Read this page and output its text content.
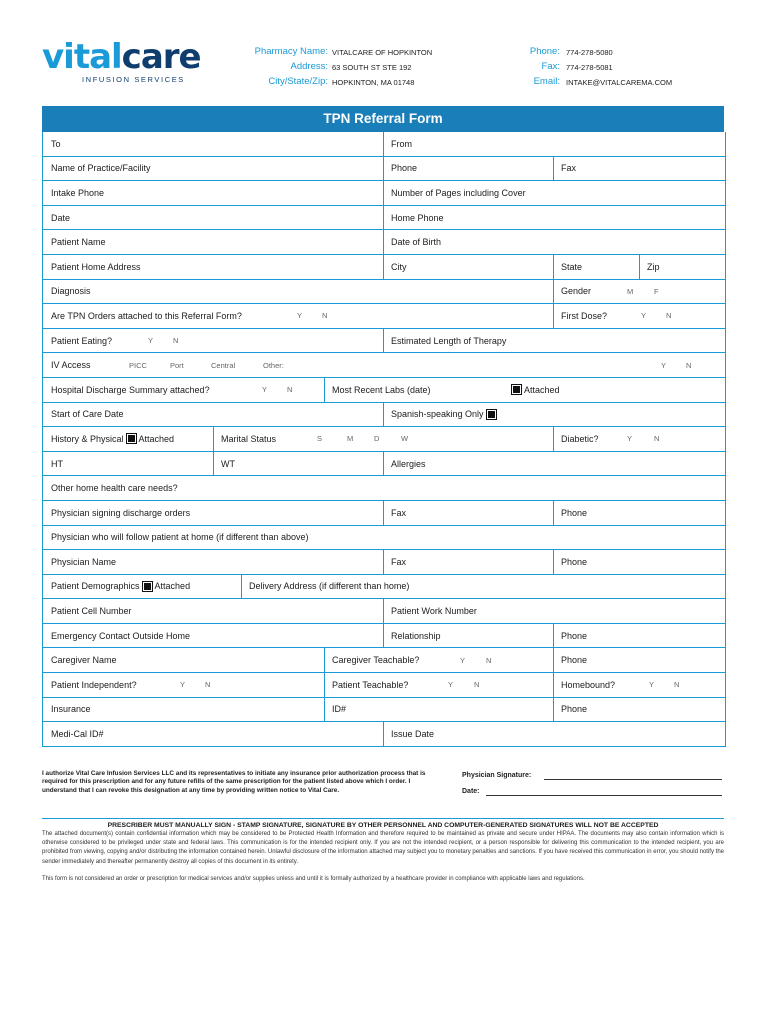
vitalcare
INFUSION SERVICES
Pharmacy Name:
Address:
City/State/Zip:
VITALCARE OF HOPKINTON
63 SOUTH ST STE 192
HOPKINTON, MA 01748
Phone:
Fax:
Email:
774-278-5080
774-278-5081
INTAKE@VITALCAREMA.COM
TPN Referral Form
To	From
Name of Practice/Facility	Phone	Fax
Intake Phone	Number of Pages including Cover
Date	Home Phone
Patient Name	Date of Birth
Patient Home Address	City	State	Zip
Diagnosis	Gender	M	F
Are TPN Orders attached to this Referral Form?	Y	N	First Dose?	Y	N
Patient Eating?	Y	N	Estimated Length of Therapy
IV Access	PICC	Port	Central	Other:	Y	N
Hospital Discharge Summary attached?	Y	N	Most Recent Labs (date)	Attached
Start of Care Date	Spanish-speaking Only
History & Physical Attached	Marital Status	S	M	D	W	Diabetic?	Y	N
HT	WT	Allergies
Other home health care needs?
Physician signing discharge orders	Fax	Phone
Physician who will follow patient at home (if different than above)
Physician Name	Fax	Phone
Patient Demographics Attached	Delivery Address (if different than home)
Patient Cell Number	Patient Work Number
Emergency Contact Outside Home	Relationship	Phone
Caregiver Name	Caregiver Teachable?	Y	N	Phone
Patient Independent?	Y	N	Patient Teachable?	Y	N	Homebound?	Y	N
Insurance	ID#	Phone
Medi-Cal ID#	Issue Date
I authorize Vital Care Infusion Services LLC and its representatives to initiate any insurance prior authorization process that is required for this prescription and for any future refills of the same prescription for the patient listed above which I order. I understand that I can revoke this designation at any time by providing written notice to Vital Care.
Physician Signature:
Date:
PRESCRIBER MUST MANUALLY SIGN - STAMP SIGNATURE, SIGNATURE BY OTHER PERSONNEL AND COMPUTER-GENERATED SIGNATURES WILL NOT BE ACCEPTED
The attached document(s) contain confidential information which may be considered to be Protected Health Information and therefore required to be maintained as private and secure under HIPAA. The documents may also contain information which is otherwise considered to be privileged under state and federal laws. This communication is for the intended recipient only. If you are not the intended recipient, or a person responsible for delivering this communication to the intended recipient, you are prohibited from viewing, copying and/or distributing the information contained herein. Unlawful disclosure of the information attached may subject you to monetary penalties and sanctions. If you have received this communication in error, you should notify the sender immediately and thereafter permanently destroy all copies of this document in its entirety.
This form is not considered an order or prescription for medical services and/or supplies unless and until it is formally authorized by a healthcare provider in compliance with applicable laws and regulations.
